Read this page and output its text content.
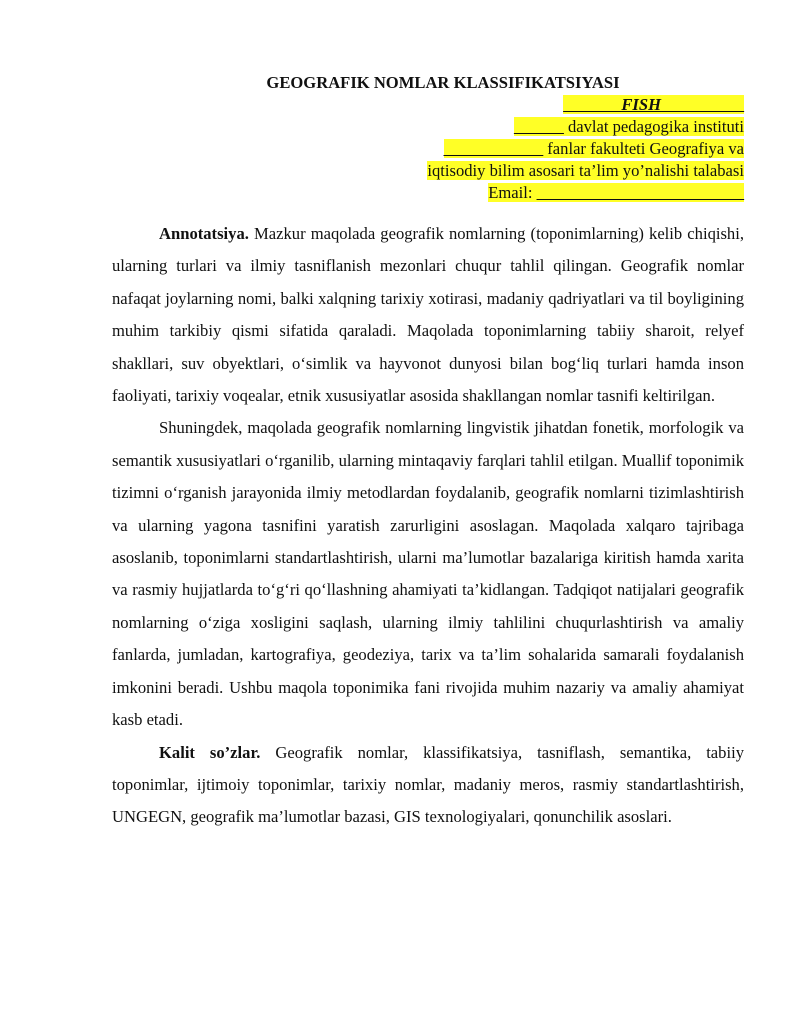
GEOGRAFIK NOMLAR KLASSIFIKATSIYASI
_______FISH__________
______ davlat pedagogika instituti
____________ fanlar fakulteti Geografiya va
iqtisodiy bilim asosari ta’lim yo’nalishi talabasi
Email: _________________________

Annotatsiya. Mazkur maqolada geografik nomlarning (toponimlarning) kelib chiqishi, ularning turlari va ilmiy tasniflanish mezonlari chuqur tahlil qilingan. Geografik nomlar nafaqat joylarning nomi, balki xalqning tarixiy xotirasi, madaniy qadriyatlari va til boyligining muhim tarkibiy qismi sifatida qaraladi. Maqolada toponimlarning tabiiy sharoit, relyef shakllari, suv obyektlari, o‘simlik va hayvonot dunyosi bilan bog‘liq turlari hamda inson faoliyati, tarixiy voqealar, etnik xususiyatlar asosida shakllangan nomlar tasnifi keltirilgan.

Shuningdek, maqolada geografik nomlarning lingvistik jihatdan fonetik, morfologik va semantik xususiyatlari o‘rganilib, ularning mintaqaviy farqlari tahlil etilgan. Muallif toponimik tizimni o‘rganish jarayonida ilmiy metodlardan foydalanib, geografik nomlarni tizimlashtirish va ularning yagona tasnifini yaratish zarurligini asoslagan. Maqolada xalqaro tajribaga asoslanib, toponimlarni standartlashtirish, ularni ma’lumotlar bazalariga kiritish hamda xarita va rasmiy hujjatlarda to‘g‘ri qo‘llashning ahamiyati ta’kidlangan. Tadqiqot natijalari geografik nomlarning o‘ziga xosligini saqlash, ularning ilmiy tahlilini chuqurlashtirish va amaliy fanlarda, jumladan, kartografiya, geodeziya, tarix va ta’lim sohalarida samarali foydalanish imkonini beradi. Ushbu maqola toponimika fani rivojida muhim nazariy va amaliy ahamiyat kasb etadi.

Kalit so’zlar. Geografik nomlar, klassifikatsiya, tasniflash, semantika, tabiiy toponimlar, ijtimoiy toponimlar, tarixiy nomlar, madaniy meros, rasmiy standartlashtirish, UNGEGN, geografik ma’lumotlar bazasi, GIS texnologiyalari, qonunchilik asoslari.
